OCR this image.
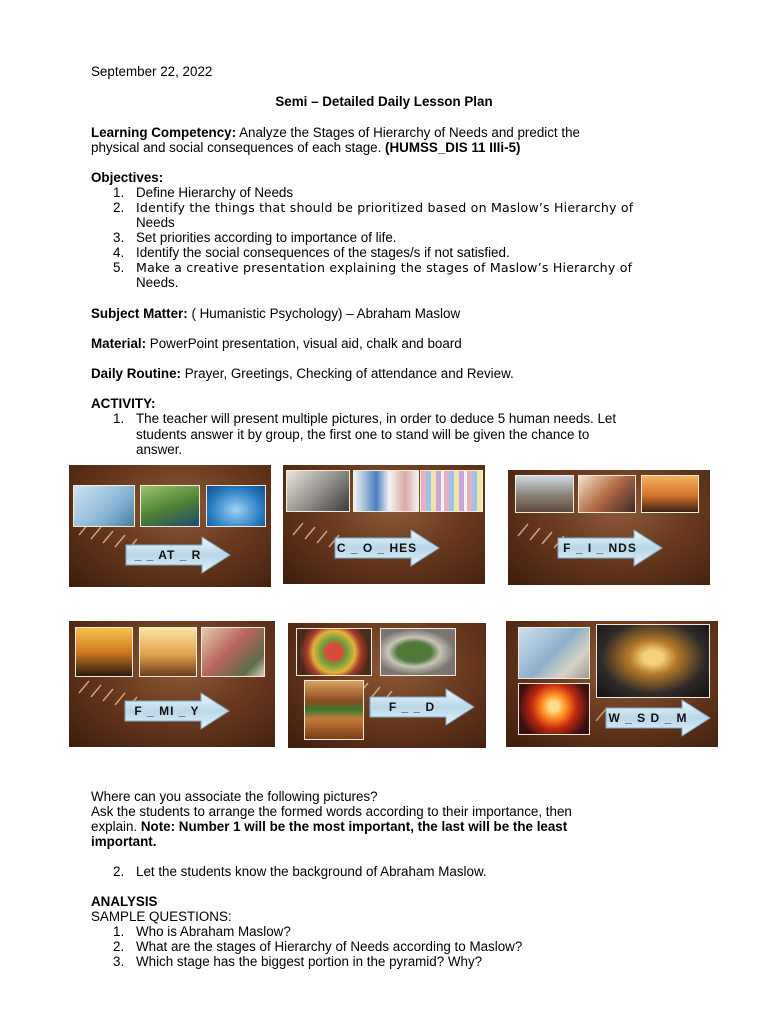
September 22, 2022
Semi – Detailed Daily Lesson Plan
Learning Competency: Analyze the Stages of Hierarchy of Needs and predict the
physical and social consequences of each stage. (HUMSS_DIS 11 IIIi-5)
Objectives:
1. Define Hierarchy of Needs
2. Identify the things that should be prioritized based on Maslow’s Hierarchy of
Needs
3. Set priorities according to importance of life.
4. Identify the social consequences of the stages/s if not satisfied.
5. Make a creative presentation explaining the stages of Maslow’s Hierarchy of
Needs.
Subject Matter: ( Humanistic Psychology) – Abraham Maslow
Material: PowerPoint presentation, visual aid, chalk and board
Daily Routine: Prayer, Greetings, Checking of attendance and Review.
ACTIVITY:
1. The teacher will present multiple pictures, in order to deduce 5 human needs. Let
students answer it by group, the first one to stand will be given the chance to
answer.
_ _ AT _ R	C _ O _ HES	F _ I _ NDS
F _ MI _ Y	F _ _ D
W _ S D _ M
Where can you associate the following pictures?
Ask the students to arrange the formed words according to their importance, then
explain. Note: Number 1 will be the most important, the last will be the least
important.
2. Let the students know the background of Abraham Maslow.
ANALYSIS
SAMPLE QUESTIONS:
1. Who is Abraham Maslow?
2. What are the stages of Hierarchy of Needs according to Maslow?
3. Which stage has the biggest portion in the pyramid? Why?
